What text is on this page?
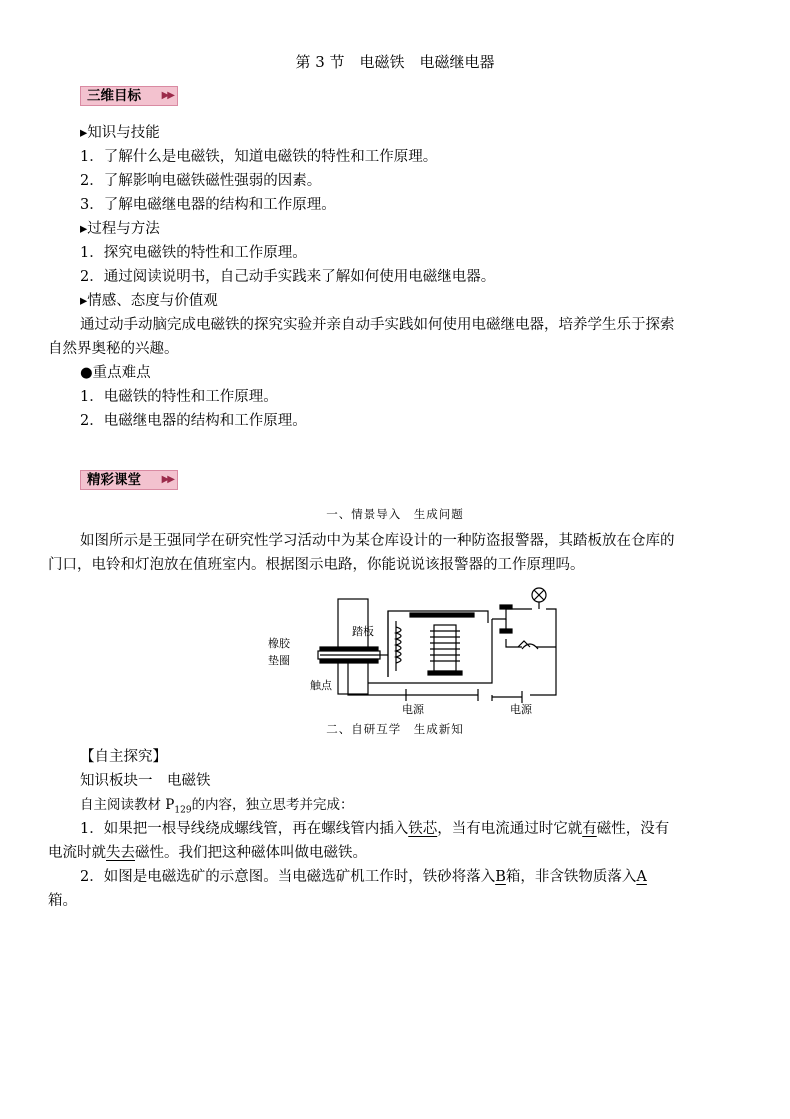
第 3 节　电磁铁　电磁继电器
三维目标 ▶▶
▸知识与技能
1．了解什么是电磁铁，知道电磁铁的特性和工作原理。
2．了解影响电磁铁磁性强弱的因素。
3．了解电磁继电器的结构和工作原理。
▸过程与方法
1．探究电磁铁的特性和工作原理。
2．通过阅读说明书，自己动手实践来了解如何使用电磁继电器。
▸情感、态度与价值观
通过动手动脑完成电磁铁的探究实验并亲自动手实践如何使用电磁继电器，培养学生乐于探索
自然界奥秘的兴趣。
●重点难点
1．电磁铁的特性和工作原理。
2．电磁继电器的结构和工作原理。
精彩课堂 ▶▶
一、情景导入　生成问题
如图所示是王强同学在研究性学习活动中为某仓库设计的一种防盗报警器，其踏板放在仓库的
门口，电铃和灯泡放在值班室内。根据图示电路，你能说说该报警器的工作原理吗。
踏板
橡胶
垫圈
触点
电源	电源
二、自研互学　生成新知
【自主探究】
知识板块一　电磁铁
自主阅读教材 $P_{129}$的内容，独立思考并完成：
1．如果把一根导线绕成螺线管，再在螺线管内插入铁芯，当有电流通过时它就有磁性，没有
电流时就失去磁性。我们把这种磁体叫做电磁铁。
2．如图是电磁选矿的示意图。当电磁选矿机工作时，铁砂将落入B箱，非含铁物质落入A
箱。
